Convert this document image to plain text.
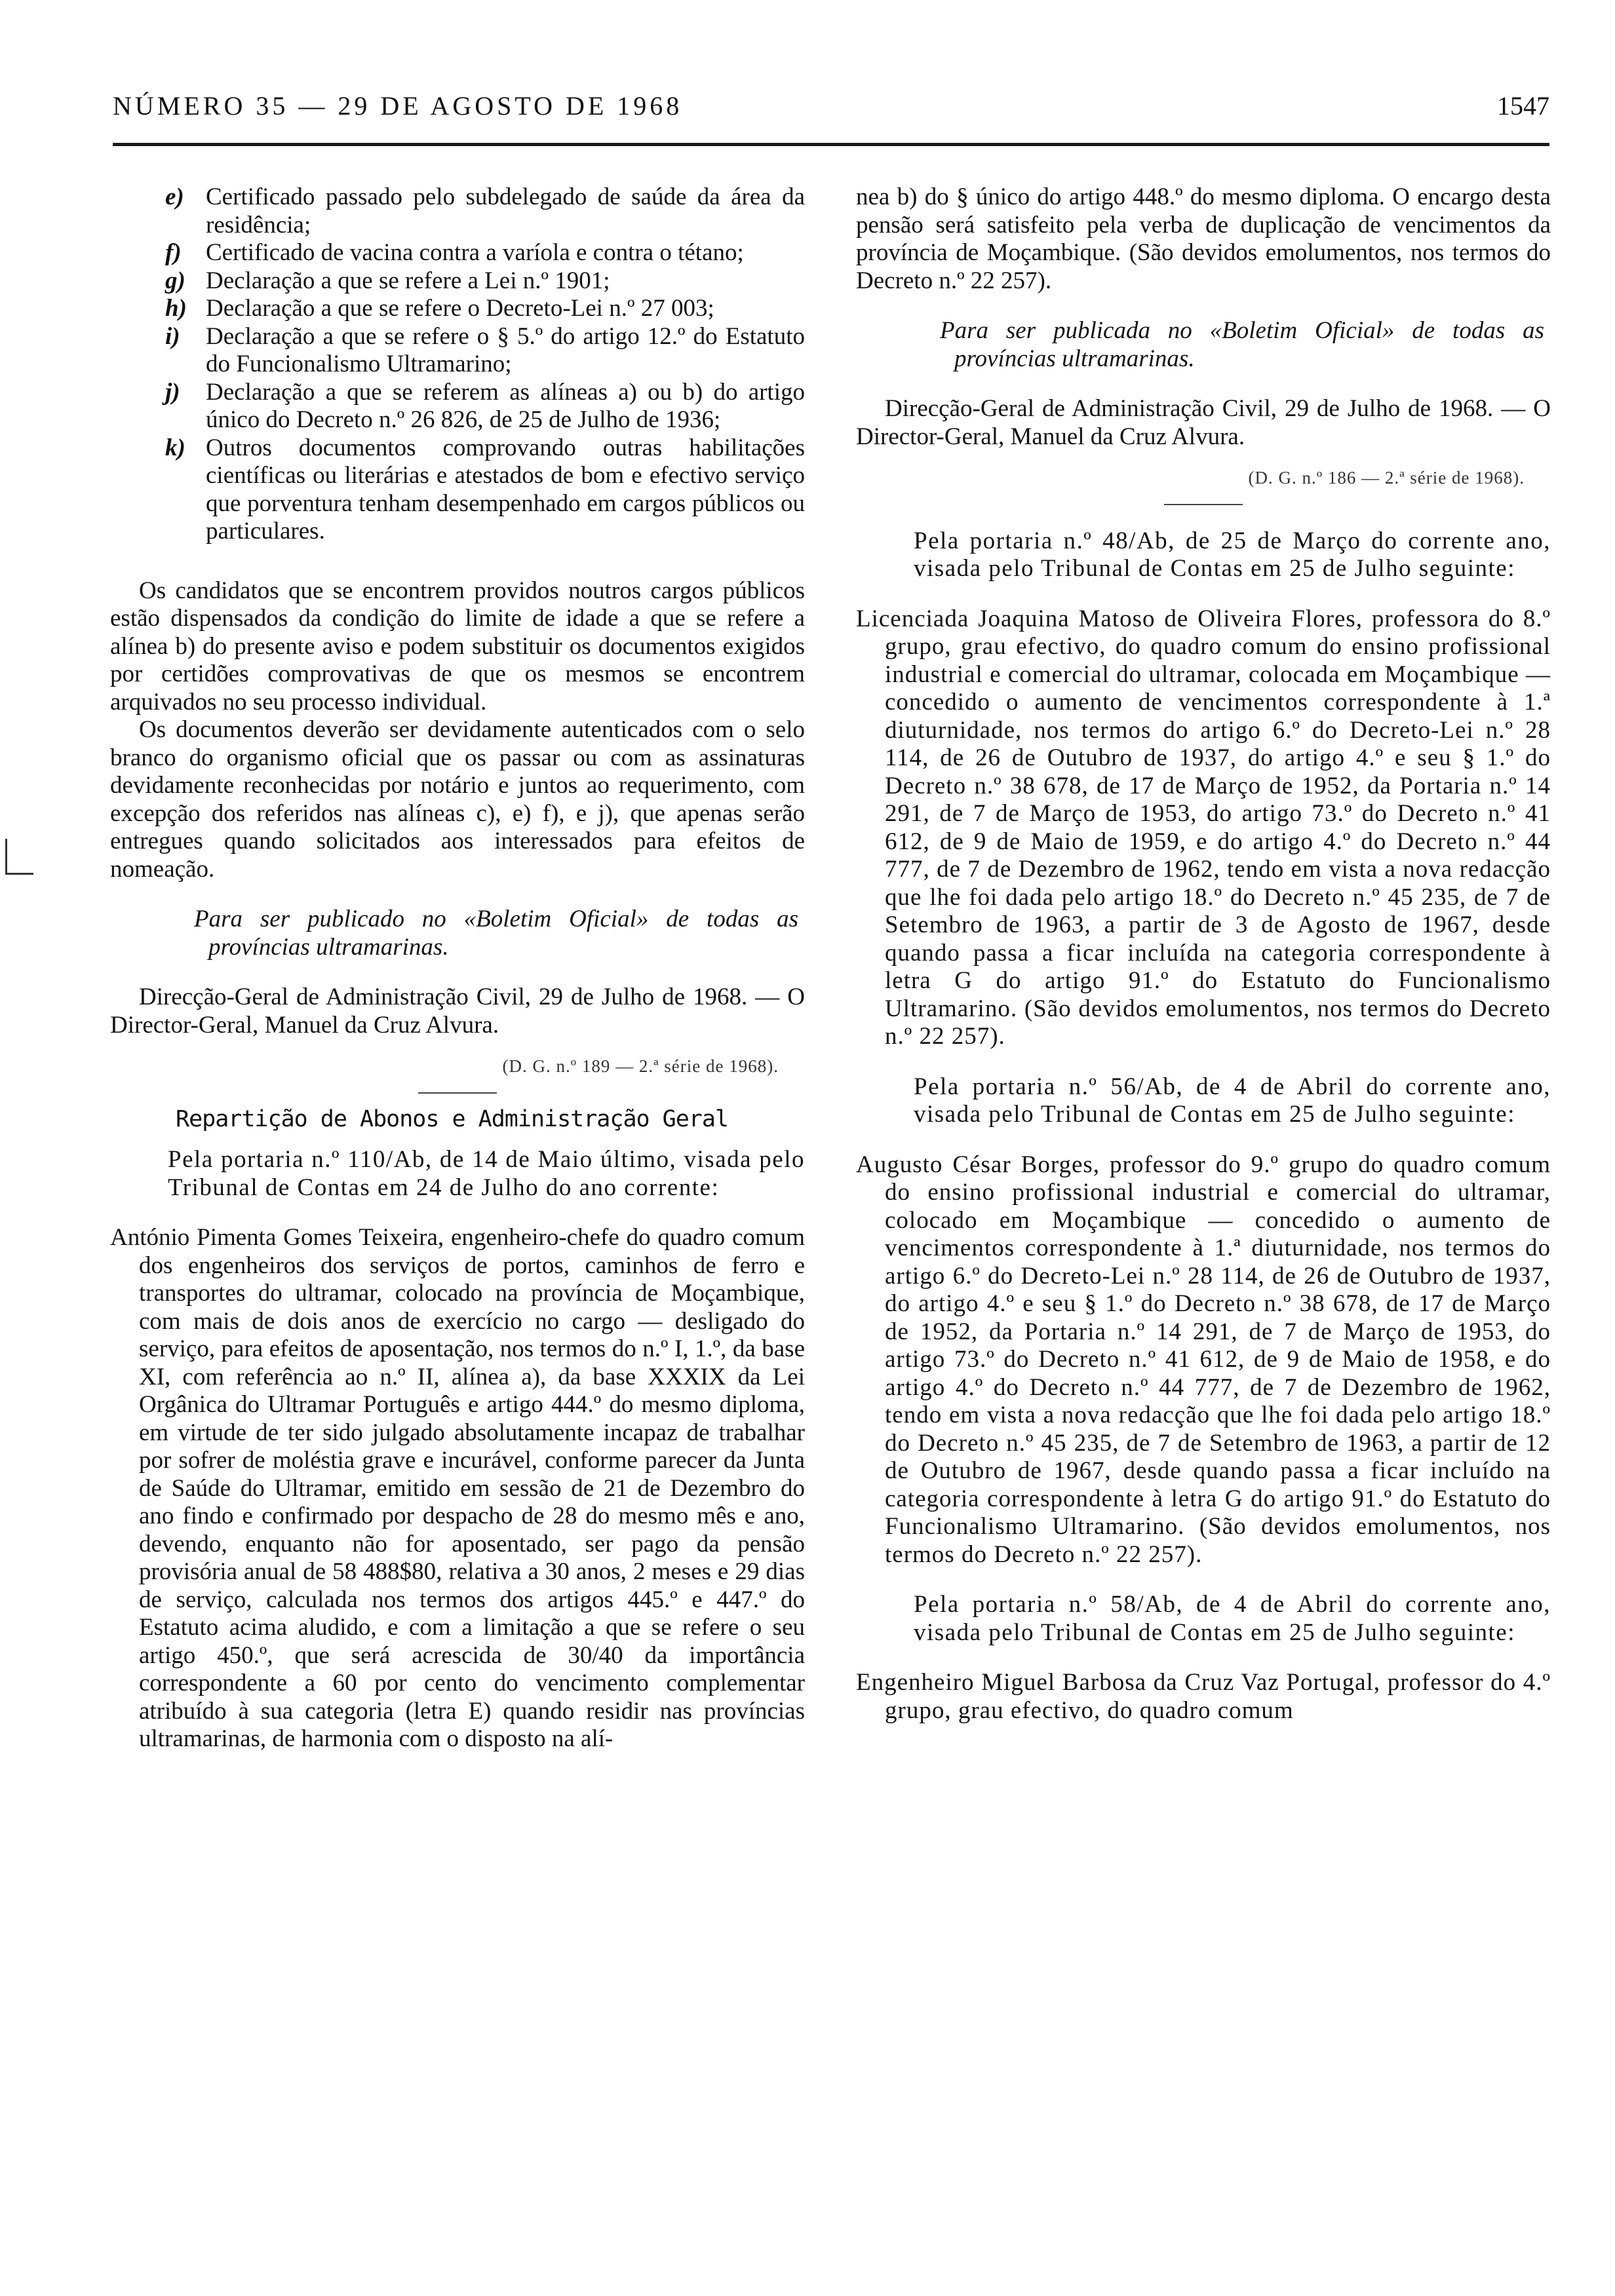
NÚMERO 35 — 29 DE AGOSTO DE 1968	1547
e) Certificado passado pelo subdelegado de saúde da área da residência;
f) Certificado de vacina contra a varíola e contra o tétano;
g) Declaração a que se refere a Lei n.º 1901;
h) Declaração a que se refere o Decreto-Lei n.º 27 003;
i) Declaração a que se refere o § 5.º do artigo 12.º do Estatuto do Funcionalismo Ultramarino;
j) Declaração a que se referem as alíneas a) ou b) do artigo único do Decreto n.º 26 826, de 25 de Julho de 1936;
k) Outros documentos comprovando outras habilitações científicas ou literárias e atestados de bom e efectivo serviço que porventura tenham desempenhado em cargos públicos ou particulares.

Os candidatos que se encontrem providos noutros cargos públicos estão dispensados da condição do limite de idade a que se refere a alínea b) do presente aviso e podem substituir os documentos exigidos por certidões comprovativas de que os mesmos se encontrem arquivados no seu processo individual.

Os documentos deverão ser devidamente autenticados com o selo branco do organismo oficial que os passar ou com as assinaturas devidamente reconhecidas por notário e juntos ao requerimento, com excepção dos referidos nas alíneas c), e) f), e j), que apenas serão entregues quando solicitados aos interessados para efeitos de nomeação.

Para ser publicado no «Boletim Oficial» de todas as províncias ultramarinas.

Direcção-Geral de Administração Civil, 29 de Julho de 1968. — O Director-Geral, Manuel da Cruz Alvura.

(D. G. n.º 189 — 2.ª série de 1968).

Repartição de Abonos e Administração Geral

Pela portaria n.º 110/Ab, de 14 de Maio último, visada pelo Tribunal de Contas em 24 de Julho do ano corrente:

António Pimenta Gomes Teixeira, engenheiro-chefe do quadro comum dos engenheiros dos serviços de portos, caminhos de ferro e transportes do ultramar, colocado na província de Moçambique, com mais de dois anos de exercício no cargo — desligado do serviço, para efeitos de aposentação, nos termos do n.º I, 1.º, da base XI, com referência ao n.º II, alínea a), da base XXXIX da Lei Orgânica do Ultramar Português e artigo 444.º do mesmo diploma, em virtude de ter sido julgado absolutamente incapaz de trabalhar por sofrer de moléstia grave e incurável, conforme parecer da Junta de Saúde do Ultramar, emitido em sessão de 21 de Dezembro do ano findo e confirmado por despacho de 28 do mesmo mês e ano, devendo, enquanto não for aposentado, ser pago da pensão provisória anual de 58 488$80, relativa a 30 anos, 2 meses e 29 dias de serviço, calculada nos termos dos artigos 445.º e 447.º do Estatuto acima aludido, e com a limitação a que se refere o seu artigo 450.º, que será acrescida de 30/40 da importância correspondente a 60 por cento do vencimento complementar atribuído à sua categoria (letra E) quando residir nas províncias ultramarinas, de harmonia com o disposto na alí-

nea b) do § único do artigo 448.º do mesmo diploma. O encargo desta pensão será satisfeito pela verba de duplicação de vencimentos da província de Moçambique. (São devidos emolumentos, nos termos do Decreto n.º 22 257).

Para ser publicada no «Boletim Oficial» de todas as províncias ultramarinas.

Direcção-Geral de Administração Civil, 29 de Julho de 1968. — O Director-Geral, Manuel da Cruz Alvura.

(D. G. n.º 186 — 2.ª série de 1968).

Pela portaria n.º 48/Ab, de 25 de Março do corrente ano, visada pelo Tribunal de Contas em 25 de Julho seguinte:

Licenciada Joaquina Matoso de Oliveira Flores, professora do 8.º grupo, grau efectivo, do quadro comum do ensino profissional industrial e comercial do ultramar, colocada em Moçambique — concedido o aumento de vencimentos correspondente à 1.ª diuturnidade, nos termos do artigo 6.º do Decreto-Lei n.º 28 114, de 26 de Outubro de 1937, do artigo 4.º e seu § 1.º do Decreto n.º 38 678, de 17 de Março de 1952, da Portaria n.º 14 291, de 7 de Março de 1953, do artigo 73.º do Decreto n.º 41 612, de 9 de Maio de 1959, e do artigo 4.º do Decreto n.º 44 777, de 7 de Dezembro de 1962, tendo em vista a nova redacção que lhe foi dada pelo artigo 18.º do Decreto n.º 45 235, de 7 de Setembro de 1963, a partir de 3 de Agosto de 1967, desde quando passa a ficar incluída na categoria correspondente à letra G do artigo 91.º do Estatuto do Funcionalismo Ultramarino. (São devidos emolumentos, nos termos do Decreto n.º 22 257).

Pela portaria n.º 56/Ab, de 4 de Abril do corrente ano, visada pelo Tribunal de Contas em 25 de Julho seguinte:

Augusto César Borges, professor do 9.º grupo do quadro comum do ensino profissional industrial e comercial do ultramar, colocado em Moçambique — concedido o aumento de vencimentos correspondente à 1.ª diuturnidade, nos termos do artigo 6.º do Decreto-Lei n.º 28 114, de 26 de Outubro de 1937, do artigo 4.º e seu § 1.º do Decreto n.º 38 678, de 17 de Março de 1952, da Portaria n.º 14 291, de 7 de Março de 1953, do artigo 73.º do Decreto n.º 41 612, de 9 de Maio de 1958, e do artigo 4.º do Decreto n.º 44 777, de 7 de Dezembro de 1962, tendo em vista a nova redacção que lhe foi dada pelo artigo 18.º do Decreto n.º 45 235, de 7 de Setembro de 1963, a partir de 12 de Outubro de 1967, desde quando passa a ficar incluído na categoria correspondente à letra G do artigo 91.º do Estatuto do Funcionalismo Ultramarino. (São devidos emolumentos, nos termos do Decreto n.º 22 257).

Pela portaria n.º 58/Ab, de 4 de Abril do corrente ano, visada pelo Tribunal de Contas em 25 de Julho seguinte:

Engenheiro Miguel Barbosa da Cruz Vaz Portugal, professor do 4.º grupo, grau efectivo, do quadro comum
